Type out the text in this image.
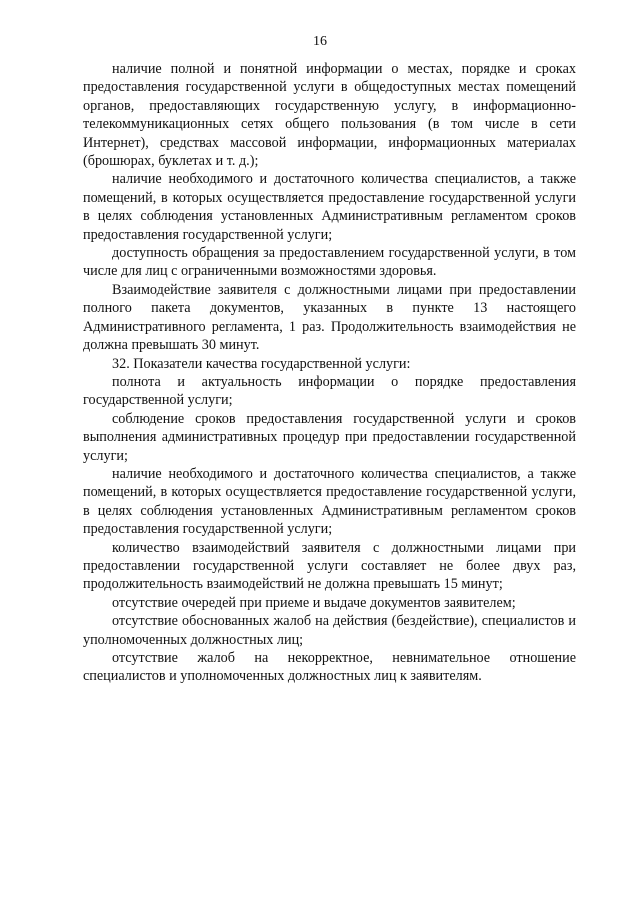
16

наличие полной и понятной информации о местах, порядке и сроках предоставления государственной услуги в общедоступных местах помещений органов, предоставляющих государственную услугу, в информационно-телекоммуникационных сетях общего пользования (в том числе в сети Интернет), средствах массовой информации, информационных материалах (брошюрах, буклетах и т. д.);

наличие необходимого и достаточного количества специалистов, а также помещений, в которых осуществляется предоставление государственной услуги в целях соблюдения установленных Административным регламентом сроков предоставления государственной услуги;

доступность обращения за предоставлением государственной услуги, в том числе для лиц с ограниченными возможностями здоровья.

Взаимодействие заявителя с должностными лицами при предоставлении полного пакета документов, указанных в пункте 13 настоящего Административного регламента, 1 раз. Продолжительность взаимодействия не должна превышать 30 минут.

32. Показатели качества государственной услуги:

полнота и актуальность информации о порядке предоставления государственной услуги;

соблюдение сроков предоставления государственной услуги и сроков выполнения административных процедур при предоставлении государственной услуги;

наличие необходимого и достаточного количества специалистов, а также помещений, в которых осуществляется предоставление государственной услуги, в целях соблюдения установленных Административным регламентом сроков предоставления государственной услуги;

количество взаимодействий заявителя с должностными лицами при предоставлении государственной услуги составляет не более двух раз, продолжительность взаимодействий не должна превышать 15 минут;

отсутствие очередей при приеме и выдаче документов заявителем;

отсутствие обоснованных жалоб на действия (бездействие), специалистов и уполномоченных должностных лиц;

отсутствие жалоб на некорректное, невнимательное отношение специалистов и уполномоченных должностных лиц к заявителям.
